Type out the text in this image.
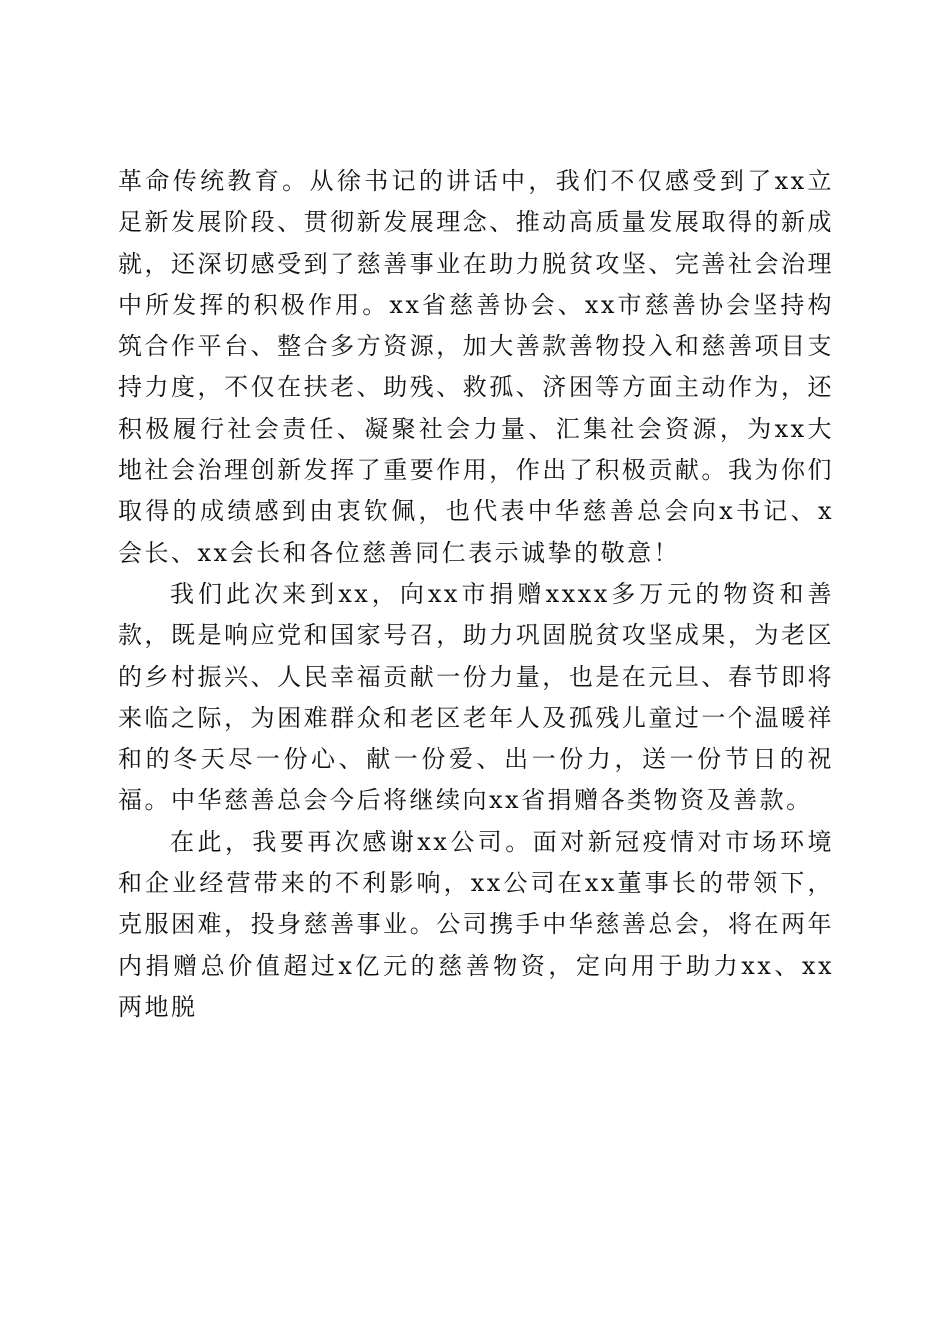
革命传统教育。从徐书记的讲话中，我们不仅感受到了xx立足新发展阶段、贯彻新发展理念、推动高质量发展取得的新成就，还深切感受到了慈善事业在助力脱贫攻坚、完善社会治理中所发挥的积极作用。xx省慈善协会、xx市慈善协会坚持构筑合作平台、整合多方资源，加大善款善物投入和慈善项目支持力度，不仅在扶老、助残、救孤、济困等方面主动作为，还积极履行社会责任、凝聚社会力量、汇集社会资源，为xx大地社会治理创新发挥了重要作用，作出了积极贡献。我为你们取得的成绩感到由衷钦佩，也代表中华慈善总会向x书记、x会长、xx会长和各位慈善同仁表示诚挚的敬意！

我们此次来到xx，向xx市捐赠xxxx多万元的物资和善款，既是响应党和国家号召，助力巩固脱贫攻坚成果，为老区的乡村振兴、人民幸福贡献一份力量，也是在元旦、春节即将来临之际，为困难群众和老区老年人及孤残儿童过一个温暖祥和的冬天尽一份心、献一份爱、出一份力，送一份节日的祝福。中华慈善总会今后将继续向xx省捐赠各类物资及善款。

在此，我要再次感谢xx公司。面对新冠疫情对市场环境和企业经营带来的不利影响，xx公司在xx董事长的带领下，克服困难，投身慈善事业。公司携手中华慈善总会，将在两年内捐赠总价值超过x亿元的慈善物资，定向用于助力xx、xx两地脱
